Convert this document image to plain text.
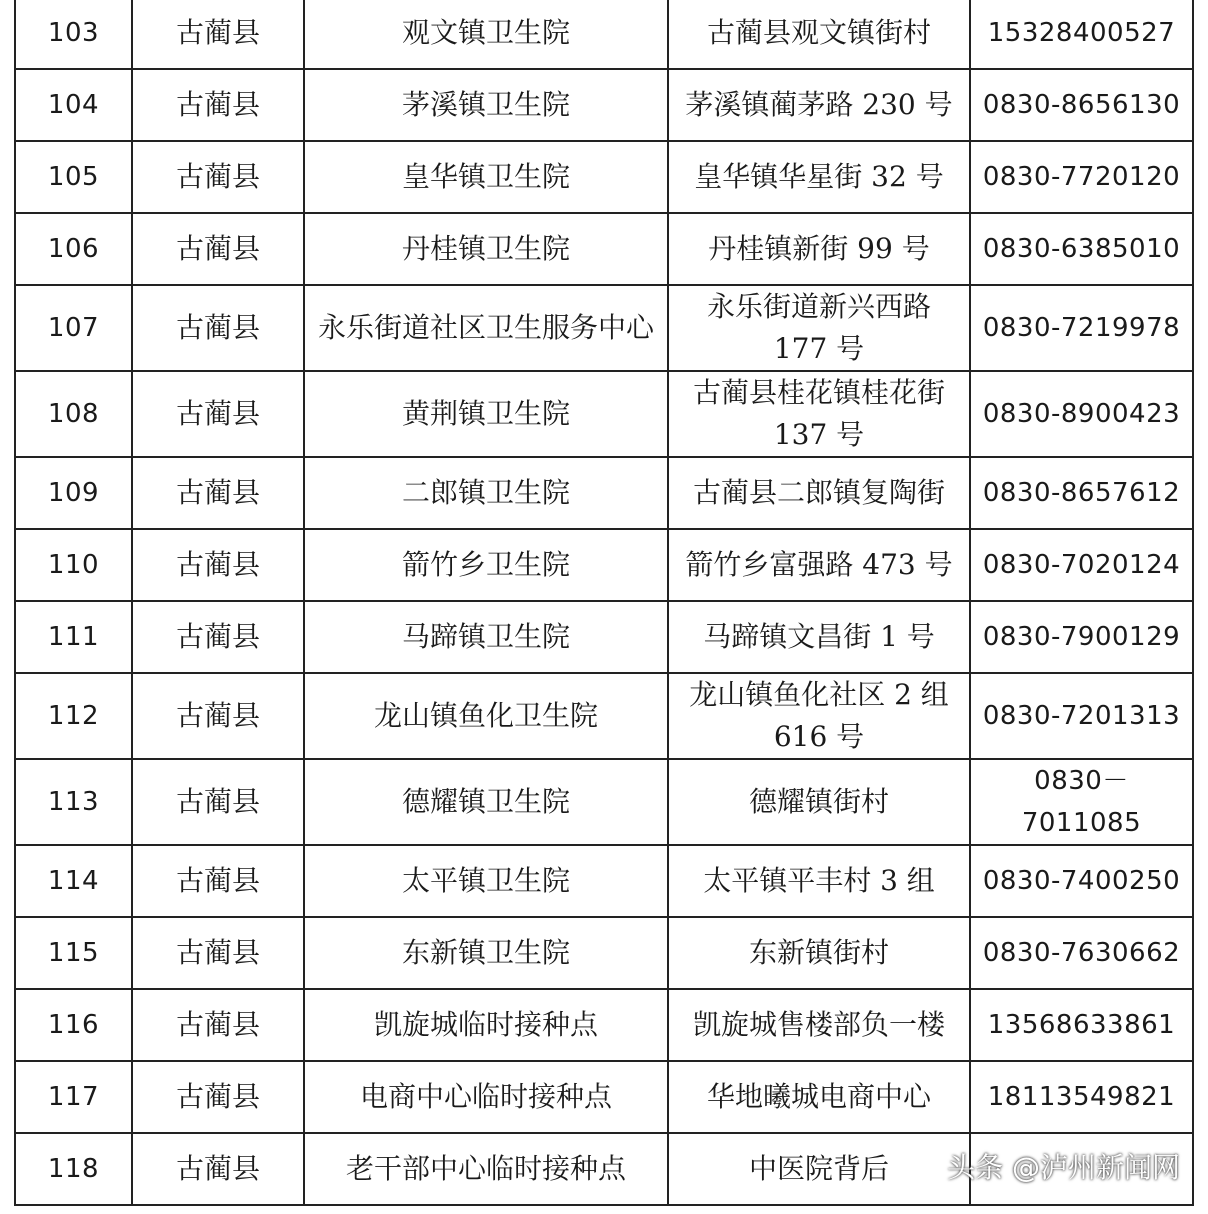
103	古蔺县	观文镇卫生院	古蔺县观文镇街村	15328400527
104	古蔺县	茅溪镇卫生院	茅溪镇蔺茅路 230 号	0830-8656130
105	古蔺县	皇华镇卫生院	皇华镇华星街 32 号	0830-7720120
106	古蔺县	丹桂镇卫生院	丹桂镇新街 99 号	0830-6385010
107	古蔺县	永乐街道社区卫生服务中心	永乐街道新兴西路 177 号	0830-7219978
108	古蔺县	黄荆镇卫生院	古蔺县桂花镇桂花街 137 号	0830-8900423
109	古蔺县	二郎镇卫生院	古蔺县二郎镇复陶街	0830-8657612
110	古蔺县	箭竹乡卫生院	箭竹乡富强路 473 号	0830-7020124
111	古蔺县	马蹄镇卫生院	马蹄镇文昌街 1 号	0830-7900129
112	古蔺县	龙山镇鱼化卫生院	龙山镇鱼化社区 2 组 616 号	0830-7201313
113	古蔺县	德耀镇卫生院	德耀镇街村	0830－7011085
114	古蔺县	太平镇卫生院	太平镇平丰村 3 组	0830-7400250
115	古蔺县	东新镇卫生院	东新镇街村	0830-7630662
116	古蔺县	凯旋城临时接种点	凯旋城售楼部负一楼	13568633861
117	古蔺县	电商中心临时接种点	华地曦城电商中心	18113549821
118	古蔺县	老干部中心临时接种点	中医院背后	头条 @泸州新闻网
